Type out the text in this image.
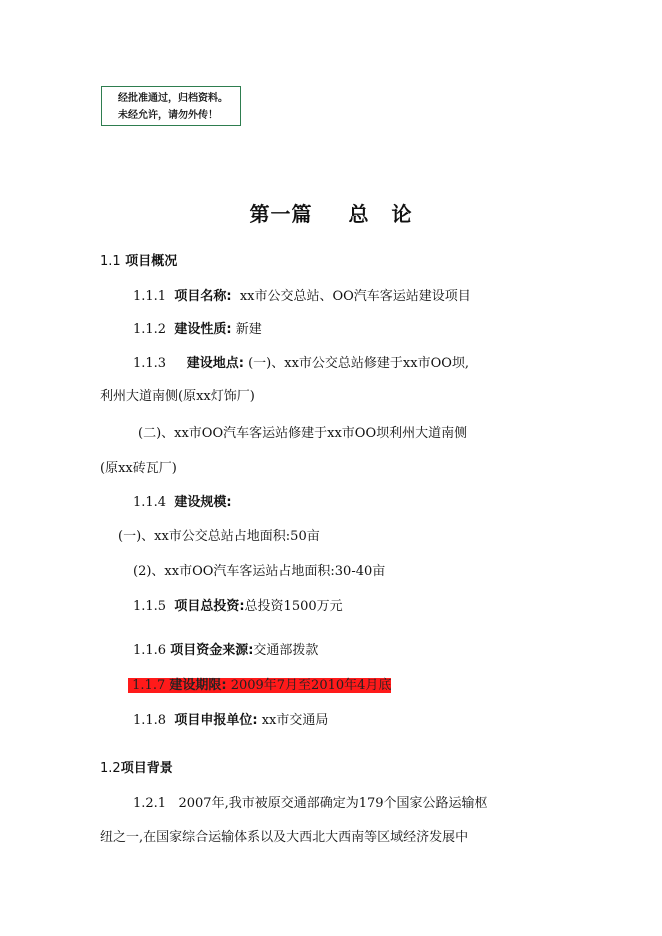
经批准通过，归档资料。
未经允许，请勿外传！
第一篇 总 论
1.1 项目概况
1.1.1 项目名称: xx市公交总站、OO汽车客运站建设项目
1.1.2 建设性质: 新建
1.1.3 建设地点: (一)、xx市公交总站修建于xx市OO坝,
利州大道南侧(原xx灯饰厂)
(二)、xx市OO汽车客运站修建于xx市OO坝利州大道南侧
(原xx砖瓦厂)
1.1.4 建设规模:
(一)、xx市公交总站占地面积:50亩
(2)、xx市OO汽车客运站占地面积:30-40亩
1.1.5 项目总投资:总投资1500万元
1.1.6 项目资金来源:交通部拨款
1.1.7 建设期限: 2009年7月至2010年4月底
1.1.8 项目申报单位: xx市交通局
1.2项目背景
1.2.1 2007年,我市被原交通部确定为179个国家公路运输枢
纽之一,在国家综合运输体系以及大西北大西南等区域经济发展中
